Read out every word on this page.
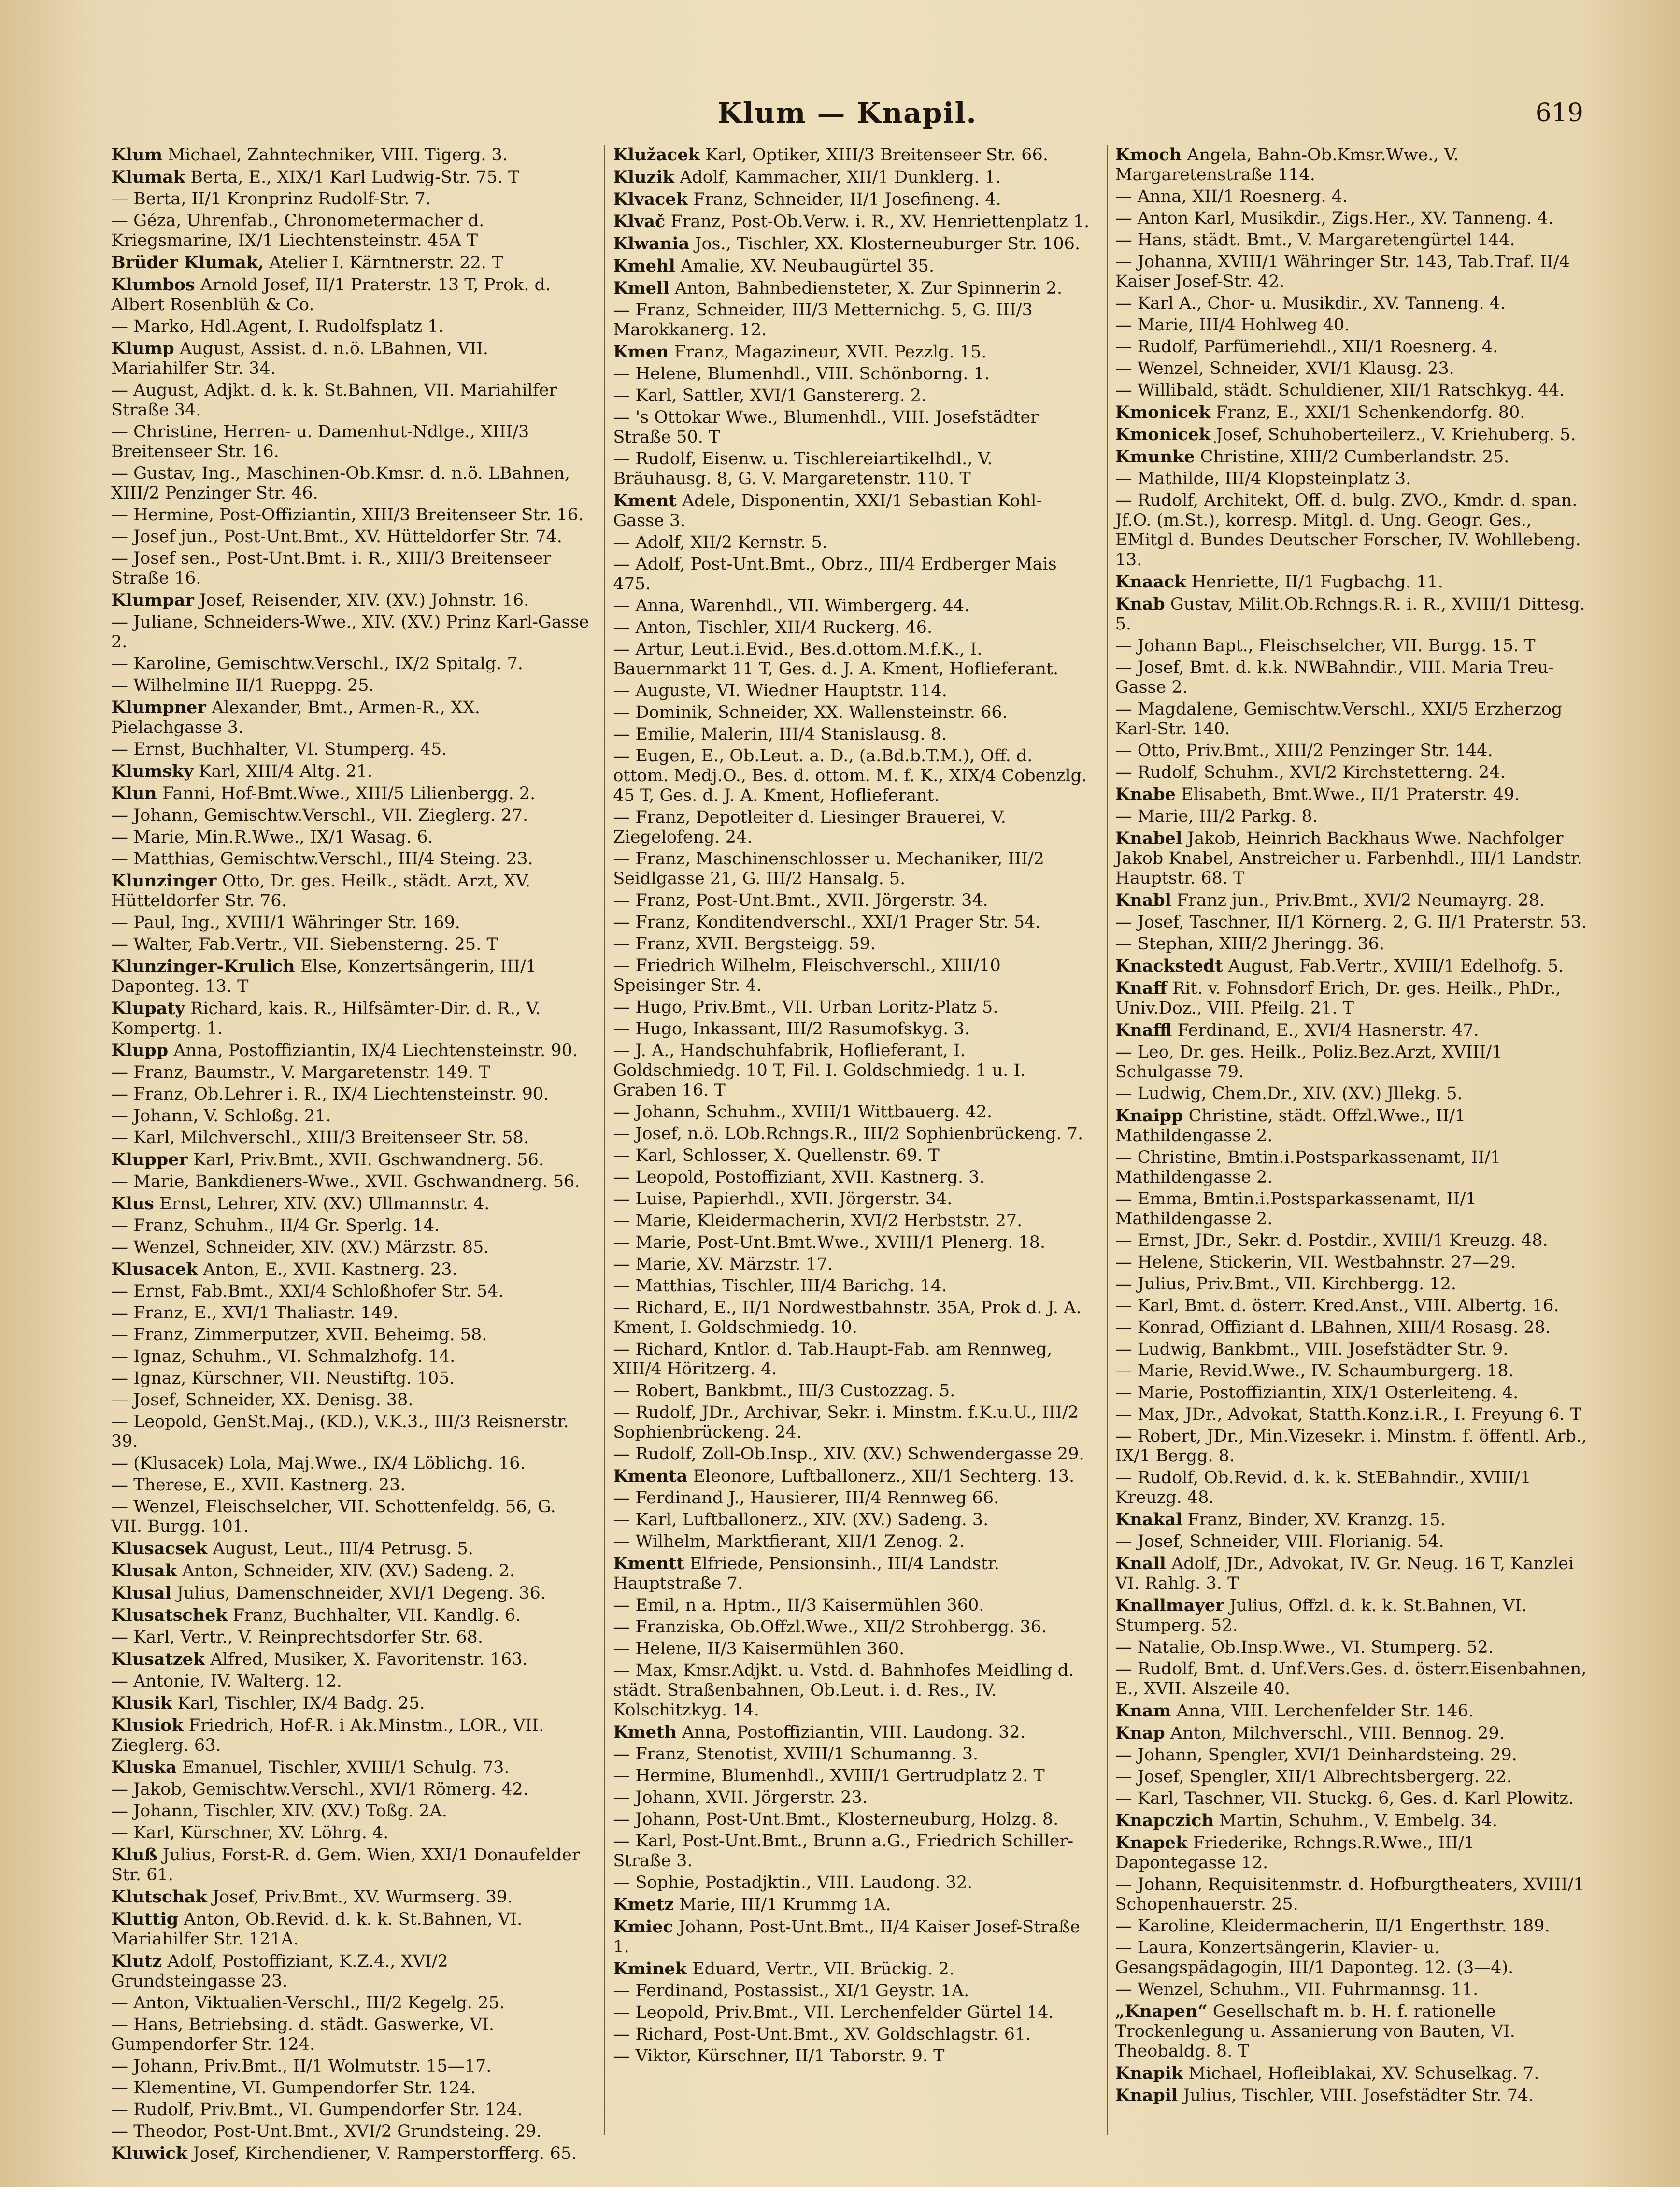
Klum — Knapil.	619
Klum Michael, Zahntechniker, VIII. Tigerg. 3.
Klumak Berta, E., XIX/1 Karl Ludwig-Str. 75. T
— Berta, II/1 Kronprinz Rudolf-Str. 7.
— Géza, Uhrenfab., Chronometermacher d. Kriegsmarine, IX/1 Liechtensteinstr. 45A T
Brüder Klumak, Atelier I. Kärntnerstr. 22. T
Klumbos Arnold Josef, II/1 Praterstr. 13 T, Prok. d. Albert Rosenblüh & Co.
— Marko, Hdl.Agent, I. Rudolfsplatz 1.
Klump August, Assist. d. n.ö. LBahnen, VII. Mariahilfer Str. 34.
— August, Adjkt. d. k. k. St.Bahnen, VII. Mariahilfer Straße 34.
— Christine, Herren- u. Damenhut-Ndlge., XIII/3 Breitenseer Str. 16.
— Gustav, Ing., Maschinen-Ob.Kmsr. d. n.ö. LBahnen, XIII/2 Penzinger Str. 46.
— Hermine, Post-Offiziantin, XIII/3 Breitenseer Str. 16.
— Josef jun., Post-Unt.Bmt., XV. Hütteldorfer Str. 74.
— Josef sen., Post-Unt.Bmt. i. R., XIII/3 Breitenseer Straße 16.
Klumpar Josef, Reisender, XIV. (XV.) Johnstr. 16.
— Juliane, Schneiders-Wwe., XIV. (XV.) Prinz Karl-Gasse 2.
— Karoline, Gemischtw.Verschl., IX/2 Spitalg. 7.
— Wilhelmine II/1 Rueppg. 25.
Klumpner Alexander, Bmt., Armen-R., XX. Pielachgasse 3.
— Ernst, Buchhalter, VI. Stumperg. 45.
Klumsky Karl, XIII/4 Altg. 21.
Klun Fanni, Hof-Bmt.Wwe., XIII/5 Lilienbergg. 2.
— Johann, Gemischtw.Verschl., VII. Zieglerg. 27.
— Marie, Min.R.Wwe., IX/1 Wasag. 6.
— Matthias, Gemischtw.Verschl., III/4 Steing. 23.
Klunzinger Otto, Dr. ges. Heilk., städt. Arzt, XV. Hütteldorfer Str. 76.
— Paul, Ing., XVIII/1 Währinger Str. 169.
— Walter, Fab.Vertr., VII. Siebensterng. 25. T
Klunzinger-Krulich Else, Konzertsängerin, III/1 Daponteg. 13. T
Klupaty Richard, kais. R., Hilfsämter-Dir. d. R., V. Kompertg. 1.
Klupp Anna, Postoffiziantin, IX/4 Liechtensteinstr. 90.
— Franz, Baumstr., V. Margaretenstr. 149. T
— Franz, Ob.Lehrer i. R., IX/4 Liechtensteinstr. 90.
— Johann, V. Schloßg. 21.
— Karl, Milchverschl., XIII/3 Breitenseer Str. 58.
Klupper Karl, Priv.Bmt., XVII. Gschwandnerg. 56.
— Marie, Bankdieners-Wwe., XVII. Gschwandnerg. 56.
Klus Ernst, Lehrer, XIV. (XV.) Ullmannstr. 4.
— Franz, Schuhm., II/4 Gr. Sperlg. 14.
— Wenzel, Schneider, XIV. (XV.) Märzstr. 85.
Klusacek Anton, E., XVII. Kastnerg. 23.
— Ernst, Fab.Bmt., XXI/4 Schloßhofer Str. 54.
— Franz, E., XVI/1 Thaliastr. 149.
— Franz, Zimmerputzer, XVII. Beheimg. 58.
— Ignaz, Schuhm., VI. Schmalzhofg. 14.
— Ignaz, Kürschner, VII. Neustiftg. 105.
— Josef, Schneider, XX. Denisg. 38.
— Leopold, GenSt.Maj., (KD.), V.K.3., III/3 Reisnerstr. 39.
— (Klusacek) Lola, Maj.Wwe., IX/4 Löblichg. 16.
— Therese, E., XVII. Kastnerg. 23.
— Wenzel, Fleischselcher, VII. Schottenfeldg. 56, G. VII. Burgg. 101.
Klusacsek August, Leut., III/4 Petrusg. 5.
Klusak Anton, Schneider, XIV. (XV.) Sadeng. 2.
Klusal Julius, Damenschneider, XVI/1 Degeng. 36.
Klusatschek Franz, Buchhalter, VII. Kandlg. 6.
— Karl, Vertr., V. Reinprechtsdorfer Str. 68.
Klusatzek Alfred, Musiker, X. Favoritenstr. 163.
— Antonie, IV. Walterg. 12.
Klusik Karl, Tischler, IX/4 Badg. 25.
Klusiok Friedrich, Hof-R. i Ak.Minstm., LOR., VII. Zieglerg. 63.
Kluska Emanuel, Tischler, XVIII/1 Schulg. 73.
— Jakob, Gemischtw.Verschl., XVI/1 Römerg. 42.
— Johann, Tischler, XIV. (XV.) Toßg. 2A.
— Karl, Kürschner, XV. Löhrg. 4.
Kluß Julius, Forst-R. d. Gem. Wien, XXI/1 Donaufelder Str. 61.
Klutschak Josef, Priv.Bmt., XV. Wurmserg. 39.
Kluttig Anton, Ob.Revid. d. k. k. St.Bahnen, VI. Mariahilfer Str. 121A.
Klutz Adolf, Postoffiziant, K.Z.4., XVI/2 Grundsteingasse 23.
— Anton, Viktualien-Verschl., III/2 Kegelg. 25.
— Hans, Betriebsing. d. städt. Gaswerke, VI. Gumpendorfer Str. 124.
— Johann, Priv.Bmt., II/1 Wolmutstr. 15—17.
— Klementine, VI. Gumpendorfer Str. 124.
— Rudolf, Priv.Bmt., VI. Gumpendorfer Str. 124.
— Theodor, Post-Unt.Bmt., XVI/2 Grundsteing. 29.
Kluwick Josef, Kirchendiener, V. Ramperstorfferg. 65.
Klužacek Karl, Optiker, XIII/3 Breitenseer Str. 66.
Kluzik Adolf, Kammacher, XII/1 Dunklerg. 1.
Klvacek Franz, Schneider, II/1 Josefineng. 4.
Klvač Franz, Post-Ob.Verw. i. R., XV. Henriettenplatz 1.
Klwania Jos., Tischler, XX. Klosterneuburger Str. 106.
Kmehl Amalie, XV. Neubaugürtel 35.
Kmell Anton, Bahnbediensteter, X. Zur Spinnerin 2.
— Franz, Schneider, III/3 Metternichg. 5, G. III/3 Marokkanerg. 12.
Kmen Franz, Magazineur, XVII. Pezzlg. 15.
— Helene, Blumenhdl., VIII. Schönborng. 1.
— Karl, Sattler, XVI/1 Ganstererg. 2.
— 's Ottokar Wwe., Blumenhdl., VIII. Josefstädter Straße 50. T
— Rudolf, Eisenw. u. Tischlereiartikelhdl., V. Bräuhausg. 8, G. V. Margaretenstr. 110. T
Kment Adele, Disponentin, XXI/1 Sebastian Kohl-Gasse 3.
— Adolf, XII/2 Kernstr. 5.
— Adolf, Post-Unt.Bmt., Obrz., III/4 Erdberger Mais 475.
— Anna, Warenhdl., VII. Wimbergerg. 44.
— Anton, Tischler, XII/4 Ruckerg. 46.
— Artur, Leut.i.Evid., Bes.d.ottom.M.f.K., I. Bauernmarkt 11 T, Ges. d. J. A. Kment, Hoflieferant.
— Auguste, VI. Wiedner Hauptstr. 114.
— Dominik, Schneider, XX. Wallensteinstr. 66.
— Emilie, Malerin, III/4 Stanislausg. 8.
— Eugen, E., Ob.Leut. a. D., (a.Bd.b.T.M.), Off. d. ottom. Medj.O., Bes. d. ottom. M. f. K., XIX/4 Cobenzlg. 45 T, Ges. d. J. A. Kment, Hoflieferant.
— Franz, Depotleiter d. Liesinger Brauerei, V. Ziegelofeng. 24.
— Franz, Maschinenschlosser u. Mechaniker, III/2 Seidlgasse 21, G. III/2 Hansalg. 5.
— Franz, Post-Unt.Bmt., XVII. Jörgerstr. 34.
— Franz, Konditendverschl., XXI/1 Prager Str. 54.
— Franz, XVII. Bergsteigg. 59.
— Friedrich Wilhelm, Fleischverschl., XIII/10 Speisinger Str. 4.
— Hugo, Priv.Bmt., VII. Urban Loritz-Platz 5.
— Hugo, Inkassant, III/2 Rasumofskyg. 3.
— J. A., Handschuhfabrik, Hoflieferant, I. Goldschmiedg. 10 T, Fil. I. Goldschmiedg. 1 u. I. Graben 16. T
— Johann, Schuhm., XVIII/1 Wittbauerg. 42.
— Josef, n.ö. LOb.Rchngs.R., III/2 Sophienbrückeng. 7.
— Karl, Schlosser, X. Quellenstr. 69. T
— Leopold, Postoffiziant, XVII. Kastnerg. 3.
— Luise, Papierhdl., XVII. Jörgerstr. 34.
— Marie, Kleidermacherin, XVI/2 Herbststr. 27.
— Marie, Post-Unt.Bmt.Wwe., XVIII/1 Plenerg. 18.
— Marie, XV. Märzstr. 17.
— Matthias, Tischler, III/4 Barichg. 14.
— Richard, E., II/1 Nordwestbahnstr. 35A, Prok d. J. A. Kment, I. Goldschmiedg. 10.
— Richard, Kntlor. d. Tab.Haupt-Fab. am Rennweg, XIII/4 Höritzerg. 4.
— Robert, Bankbmt., III/3 Custozzag. 5.
— Rudolf, JDr., Archivar, Sekr. i. Minstm. f.K.u.U., III/2 Sophienbrückeng. 24.
— Rudolf, Zoll-Ob.Insp., XIV. (XV.) Schwendergasse 29.
Kmenta Eleonore, Luftballonerz., XII/1 Sechterg. 13.
— Ferdinand J., Hausierer, III/4 Rennweg 66.
— Karl, Luftballonerz., XIV. (XV.) Sadeng. 3.
— Wilhelm, Marktfierant, XII/1 Zenog. 2.
Kmentt Elfriede, Pensionsinh., III/4 Landstr. Hauptstraße 7.
— Emil, n a. Hptm., II/3 Kaisermühlen 360.
— Franziska, Ob.Offzl.Wwe., XII/2 Strohbergg. 36.
— Helene, II/3 Kaisermühlen 360.
— Max, Kmsr.Adjkt. u. Vstd. d. Bahnhofes Meidling d. städt. Straßenbahnen, Ob.Leut. i. d. Res., IV. Kolschitzkyg. 14.
Kmeth Anna, Postoffiziantin, VIII. Laudong. 32.
— Franz, Stenotist, XVIII/1 Schumanng. 3.
— Hermine, Blumenhdl., XVIII/1 Gertrudplatz 2. T
— Johann, XVII. Jörgerstr. 23.
— Johann, Post-Unt.Bmt., Klosterneuburg, Holzg. 8.
— Karl, Post-Unt.Bmt., Brunn a.G., Friedrich Schiller-Straße 3.
— Sophie, Postadjktin., VIII. Laudong. 32.
Kmetz Marie, III/1 Krummg 1A.
Kmiec Johann, Post-Unt.Bmt., II/4 Kaiser Josef-Straße 1.
Kminek Eduard, Vertr., VII. Brückig. 2.
— Ferdinand, Postassist., XI/1 Geystr. 1A.
— Leopold, Priv.Bmt., VII. Lerchenfelder Gürtel 14.
— Richard, Post-Unt.Bmt., XV. Goldschlagstr. 61.
— Viktor, Kürschner, II/1 Taborstr. 9. T
Kmoch Angela, Bahn-Ob.Kmsr.Wwe., V. Margaretenstraße 114.
— Anna, XII/1 Roesnerg. 4.
— Anton Karl, Musikdir., Zigs.Her., XV. Tanneng. 4.
— Hans, städt. Bmt., V. Margaretengürtel 144.
— Johanna, XVIII/1 Währinger Str. 143, Tab.Traf. II/4 Kaiser Josef-Str. 42.
— Karl A., Chor- u. Musikdir., XV. Tanneng. 4.
— Marie, III/4 Hohlweg 40.
— Rudolf, Parfümeriehdl., XII/1 Roesnerg. 4.
— Wenzel, Schneider, XVI/1 Klausg. 23.
— Willibald, städt. Schuldiener, XII/1 Ratschkyg. 44.
Kmonicek Franz, E., XXI/1 Schenkendorfg. 80.
Kmonicek Josef, Schuhoberteilerz., V. Kriehuberg. 5.
Kmunke Christine, XIII/2 Cumberlandstr. 25.
— Mathilde, III/4 Klopsteinplatz 3.
— Rudolf, Architekt, Off. d. bulg. ZVO., Kmdr. d. span. Jf.O. (m.St.), korresp. Mitgl. d. Ung. Geogr. Ges., EMitgl d. Bundes Deutscher Forscher, IV. Wohllebeng. 13.
Knaack Henriette, II/1 Fugbachg. 11.
Knab Gustav, Milit.Ob.Rchngs.R. i. R., XVIII/1 Dittesg. 5.
— Johann Bapt., Fleischselcher, VII. Burgg. 15. T
— Josef, Bmt. d. k.k. NWBahndir., VIII. Maria Treu-Gasse 2.
— Magdalene, Gemischtw.Verschl., XXI/5 Erzherzog Karl-Str. 140.
— Otto, Priv.Bmt., XIII/2 Penzinger Str. 144.
— Rudolf, Schuhm., XVI/2 Kirchstetterng. 24.
Knabe Elisabeth, Bmt.Wwe., II/1 Praterstr. 49.
— Marie, III/2 Parkg. 8.
Knabel Jakob, Heinrich Backhaus Wwe. Nachfolger Jakob Knabel, Anstreicher u. Farbenhdl., III/1 Landstr. Hauptstr. 68. T
Knabl Franz jun., Priv.Bmt., XVI/2 Neumayrg. 28.
— Josef, Taschner, II/1 Körnerg. 2, G. II/1 Praterstr. 53.
— Stephan, XIII/2 Jheringg. 36.
Knackstedt August, Fab.Vertr., XVIII/1 Edelhofg. 5.
Knaff Rit. v. Fohnsdorf Erich, Dr. ges. Heilk., PhDr., Univ.Doz., VIII. Pfeilg. 21. T
Knaffl Ferdinand, E., XVI/4 Hasnerstr. 47.
— Leo, Dr. ges. Heilk., Poliz.Bez.Arzt, XVIII/1 Schulgasse 79.
— Ludwig, Chem.Dr., XIV. (XV.) Jllekg. 5.
Knaipp Christine, städt. Offzl.Wwe., II/1 Mathildengasse 2.
— Christine, Bmtin.i.Postsparkassenamt, II/1 Mathildengasse 2.
— Emma, Bmtin.i.Postsparkassenamt, II/1 Mathildengasse 2.
— Ernst, JDr., Sekr. d. Postdir., XVIII/1 Kreuzg. 48.
— Helene, Stickerin, VII. Westbahnstr. 27—29.
— Julius, Priv.Bmt., VII. Kirchbergg. 12.
— Karl, Bmt. d. österr. Kred.Anst., VIII. Albertg. 16.
— Konrad, Offiziant d. LBahnen, XIII/4 Rosasg. 28.
— Ludwig, Bankbmt., VIII. Josefstädter Str. 9.
— Marie, Revid.Wwe., IV. Schaumburgerg. 18.
— Marie, Postoffiziantin, XIX/1 Osterleiteng. 4.
— Max, JDr., Advokat, Statth.Konz.i.R., I. Freyung 6. T
— Robert, JDr., Min.Vizesekr. i. Minstm. f. öffentl. Arb., IX/1 Bergg. 8.
— Rudolf, Ob.Revid. d. k. k. StEBahndir., XVIII/1 Kreuzg. 48.
Knakal Franz, Binder, XV. Kranzg. 15.
— Josef, Schneider, VIII. Florianig. 54.
Knall Adolf, JDr., Advokat, IV. Gr. Neug. 16 T, Kanzlei VI. Rahlg. 3. T
Knallmayer Julius, Offzl. d. k. k. St.Bahnen, VI. Stumperg. 52.
— Natalie, Ob.Insp.Wwe., VI. Stumperg. 52.
— Rudolf, Bmt. d. Unf.Vers.Ges. d. österr.Eisenbahnen, E., XVII. Alszeile 40.
Knam Anna, VIII. Lerchenfelder Str. 146.
Knap Anton, Milchverschl., VIII. Bennog. 29.
— Johann, Spengler, XVI/1 Deinhardsteing. 29.
— Josef, Spengler, XII/1 Albrechtsbergerg. 22.
— Karl, Taschner, VII. Stuckg. 6, Ges. d. Karl Plowitz.
Knapczich Martin, Schuhm., V. Embelg. 34.
Knapek Friederike, Rchngs.R.Wwe., III/1 Dapontegasse 12.
— Johann, Requisitenmstr. d. Hofburgtheaters, XVIII/1 Schopenhauerstr. 25.
— Karoline, Kleidermacherin, II/1 Engerthstr. 189.
— Laura, Konzertsängerin, Klavier- u. Gesangspädagogin, III/1 Daponteg. 12. (3—4).
— Wenzel, Schuhm., VII. Fuhrmannsg. 11.
„Knapen“ Gesellschaft m. b. H. f. rationelle Trockenlegung u. Assanierung von Bauten, VI. Theobaldg. 8. T
Knapik Michael, Hofleiblakai, XV. Schuselkag. 7.
Knapil Julius, Tischler, VIII. Josefstädter Str. 74.
